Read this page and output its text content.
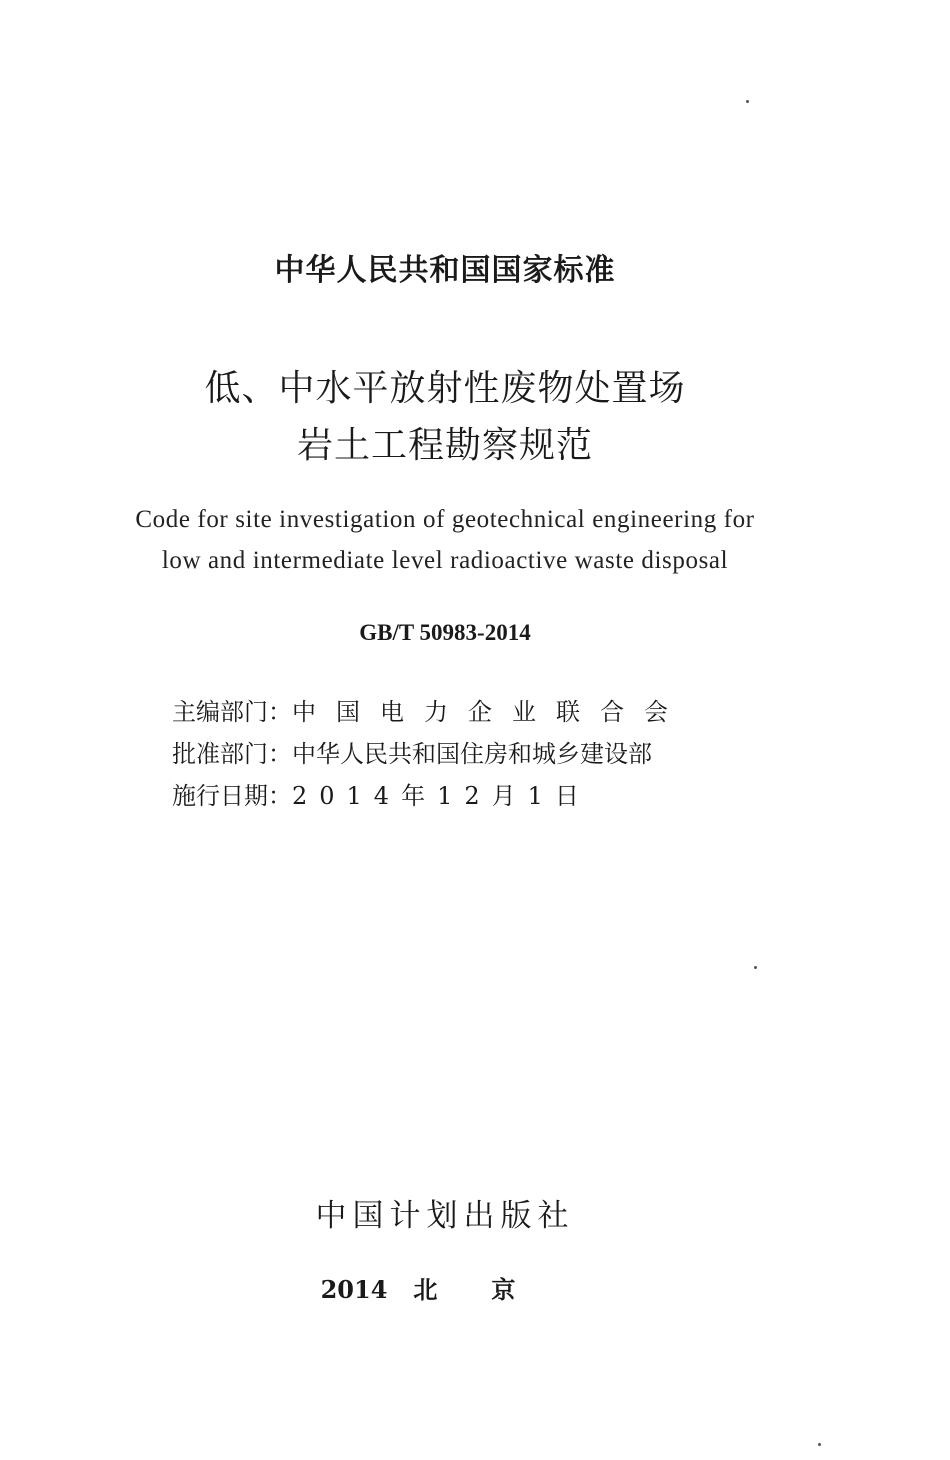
中华人民共和国国家标准
低、中水平放射性废物处置场
岩土工程勘察规范
Code for site investigation of geotechnical engineering for
low and intermediate level radioactive waste disposal
GB/T 50983-2014
主编部门：中国电力企业联合会
批准部门：中华人民共和国住房和城乡建设部
施行日期：2014年12月1日
中国计划出版社
2014 北京
